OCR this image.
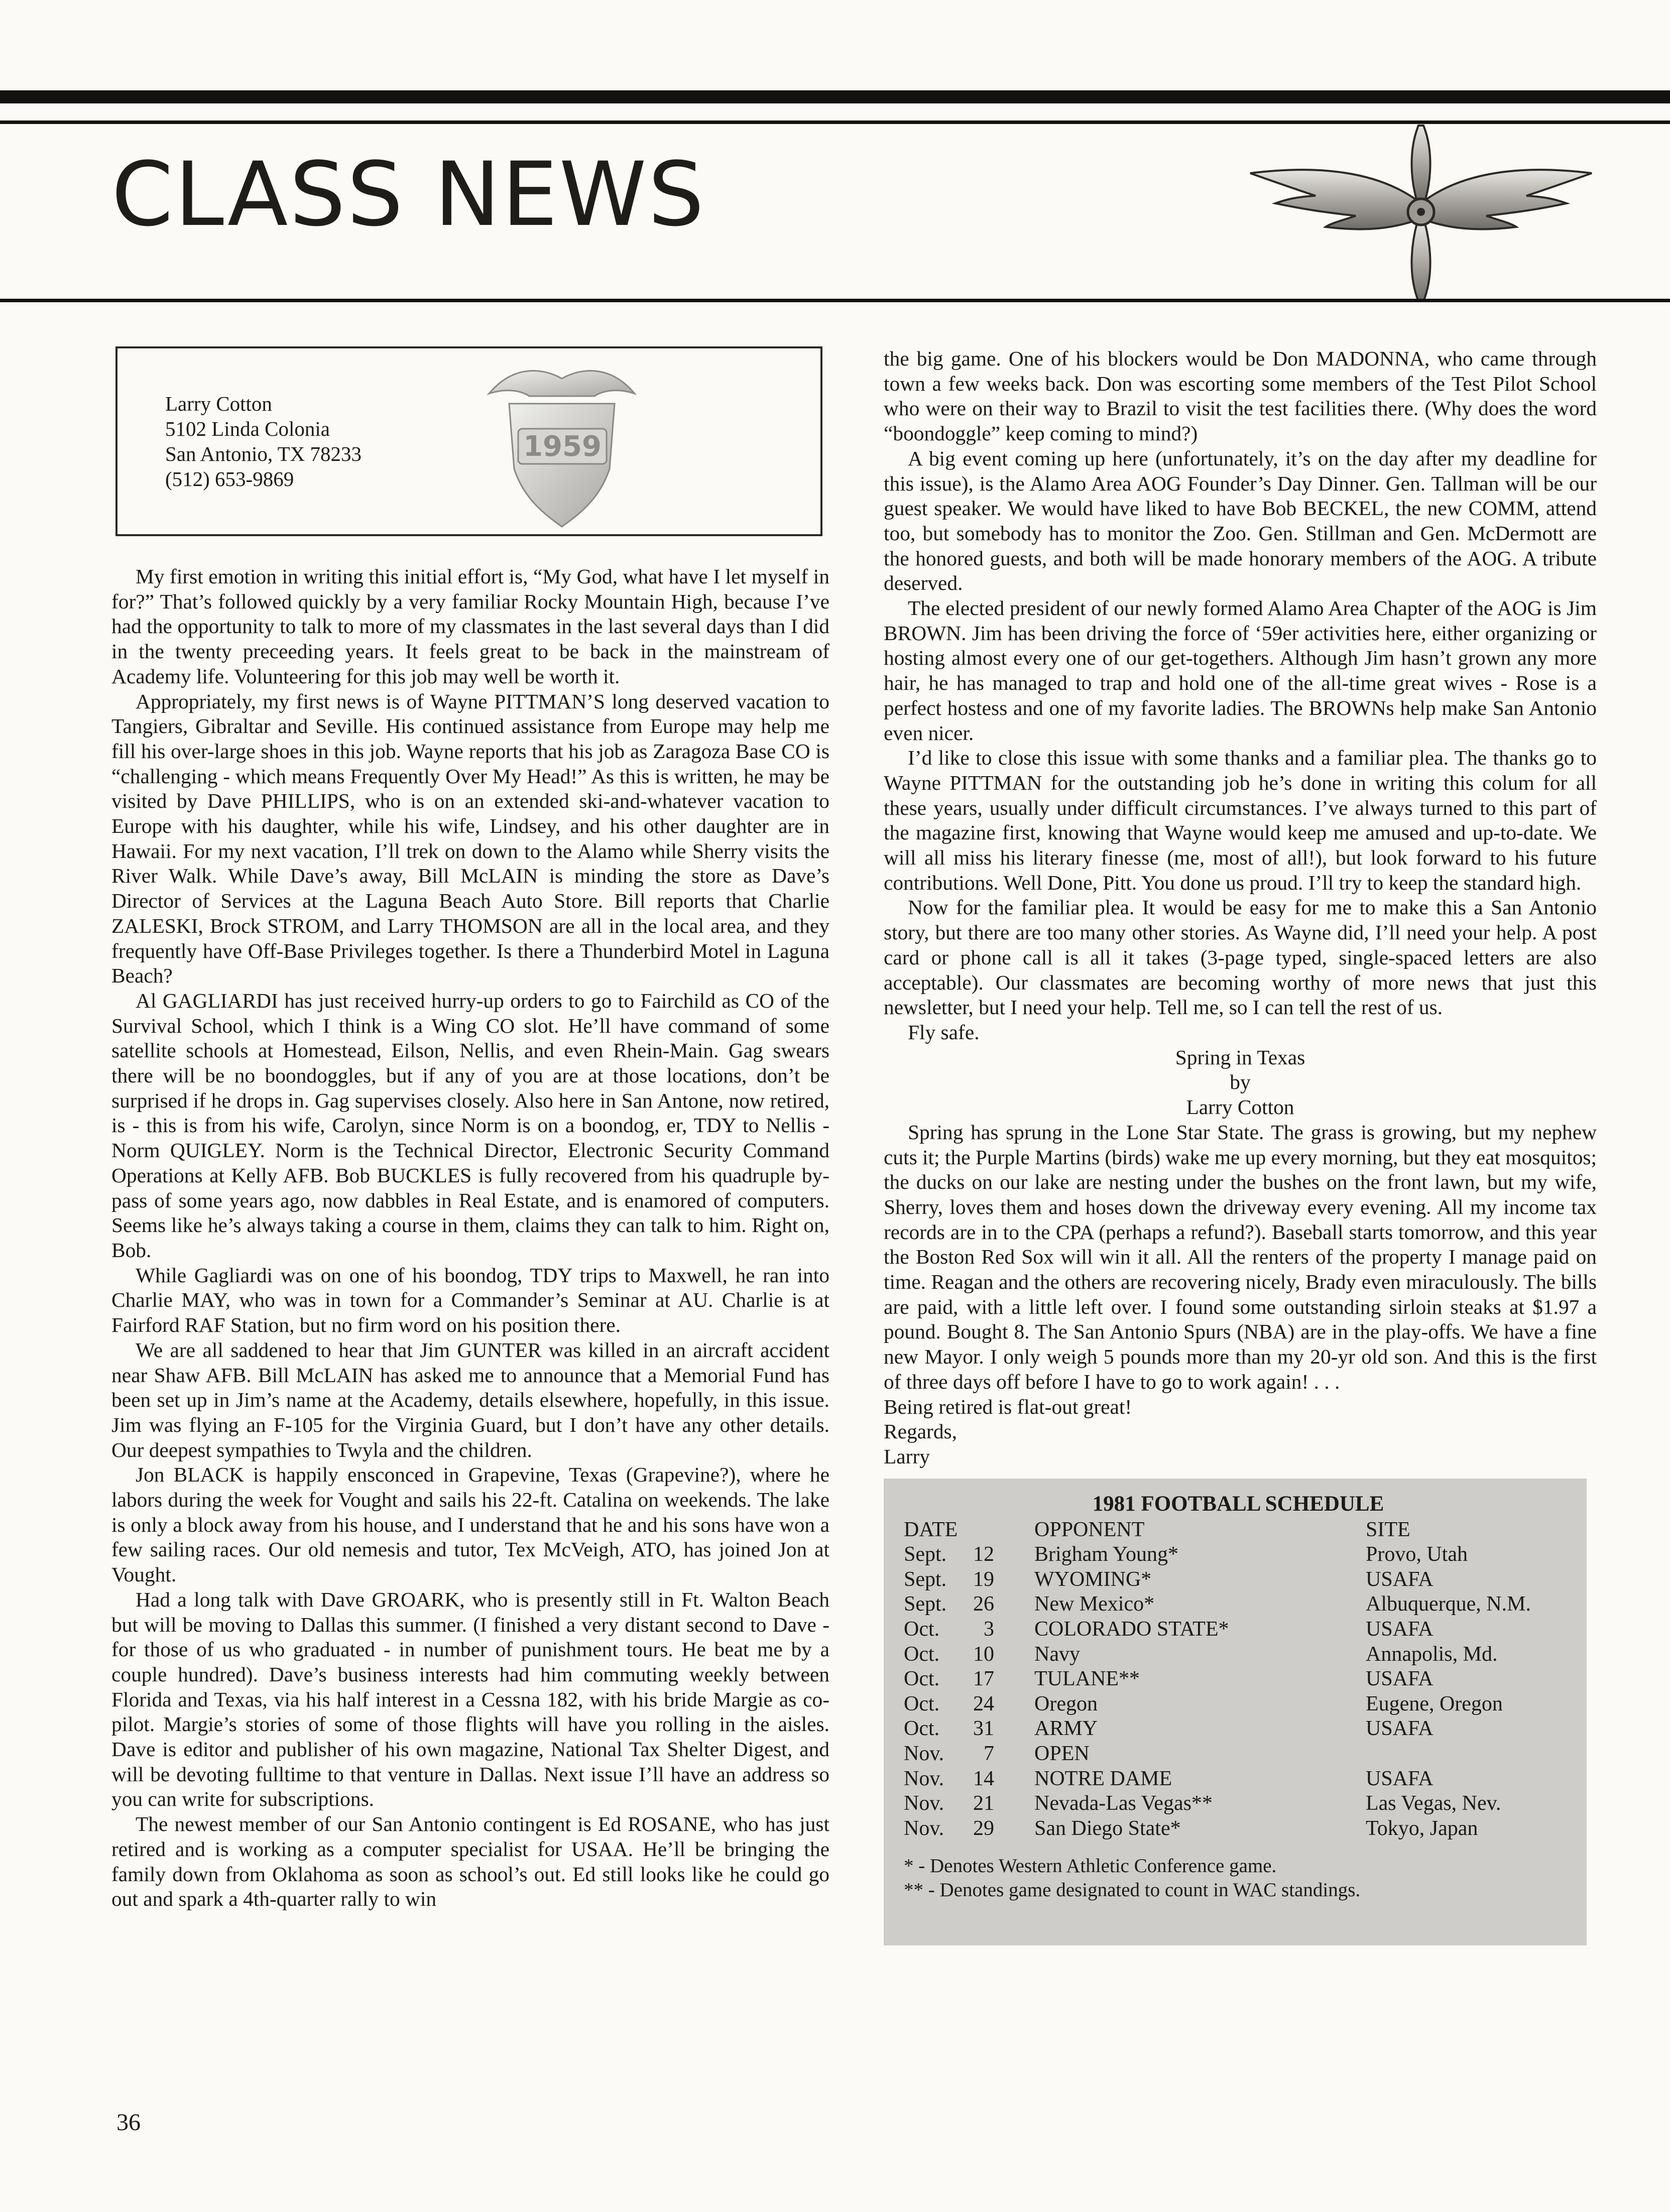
CLASS NEWS
Larry Cotton
5102 Linda Colonia
San Antonio, TX 78233
(512) 653-9869
1959

My first emotion in writing this initial effort is, “My God, what have I let myself in for?” That’s followed quickly by a very familiar Rocky Mountain High, because I’ve had the opportunity to talk to more of my classmates in the last several days than I did in the twenty preceeding years. It feels great to be back in the mainstream of Academy life. Volunteering for this job may well be worth it.

Appropriately, my first news is of Wayne PITTMAN’S long deserved vacation to Tangiers, Gibraltar and Seville. His continued assistance from Europe may help me fill his over-large shoes in this job. Wayne reports that his job as Zaragoza Base CO is “challenging - which means Frequently Over My Head!” As this is written, he may be visited by Dave PHILLIPS, who is on an extended ski-and-whatever vacation to Europe with his daughter, while his wife, Lindsey, and his other daughter are in Hawaii. For my next vacation, I’ll trek on down to the Alamo while Sherry visits the River Walk. While Dave’s away, Bill McLAIN is minding the store as Dave’s Director of Services at the Laguna Beach Auto Store. Bill reports that Charlie ZALESKI, Brock STROM, and Larry THOMSON are all in the local area, and they frequently have Off-Base Privileges together. Is there a Thunderbird Motel in Laguna Beach?

Al GAGLIARDI has just received hurry-up orders to go to Fairchild as CO of the Survival School, which I think is a Wing CO slot. He’ll have command of some satellite schools at Homestead, Eilson, Nellis, and even Rhein-Main. Gag swears there will be no boondoggles, but if any of you are at those locations, don’t be surprised if he drops in. Gag supervises closely. Also here in San Antone, now retired, is - this is from his wife, Carolyn, since Norm is on a boondog, er, TDY to Nellis - Norm QUIGLEY. Norm is the Technical Director, Electronic Security Command Operations at Kelly AFB. Bob BUCKLES is fully recovered from his quadruple by-pass of some years ago, now dabbles in Real Estate, and is enamored of computers. Seems like he’s always taking a course in them, claims they can talk to him. Right on, Bob.

While Gagliardi was on one of his boondog, TDY trips to Maxwell, he ran into Charlie MAY, who was in town for a Commander’s Seminar at AU. Charlie is at Fairford RAF Station, but no firm word on his position there.

We are all saddened to hear that Jim GUNTER was killed in an aircraft accident near Shaw AFB. Bill McLAIN has asked me to announce that a Memorial Fund has been set up in Jim’s name at the Academy, details elsewhere, hopefully, in this issue. Jim was flying an F-105 for the Virginia Guard, but I don’t have any other details. Our deepest sympathies to Twyla and the children.

Jon BLACK is happily ensconced in Grapevine, Texas (Grapevine?), where he labors during the week for Vought and sails his 22-ft. Catalina on weekends. The lake is only a block away from his house, and I understand that he and his sons have won a few sailing races. Our old nemesis and tutor, Tex McVeigh, ATO, has joined Jon at Vought.

Had a long talk with Dave GROARK, who is presently still in Ft. Walton Beach but will be moving to Dallas this summer. (I finished a very distant second to Dave - for those of us who graduated - in number of punishment tours. He beat me by a couple hundred). Dave’s business interests had him commuting weekly between Florida and Texas, via his half interest in a Cessna 182, with his bride Margie as co-pilot. Margie’s stories of some of those flights will have you rolling in the aisles. Dave is editor and publisher of his own magazine, National Tax Shelter Digest, and will be devoting fulltime to that venture in Dallas. Next issue I’ll have an address so you can write for subscriptions.

The newest member of our San Antonio contingent is Ed ROSANE, who has just retired and is working as a computer specialist for USAA. He’ll be bringing the family down from Oklahoma as soon as school’s out. Ed still looks like he could go out and spark a 4th-quarter rally to win

the big game. One of his blockers would be Don MADONNA, who came through town a few weeks back. Don was escorting some members of the Test Pilot School who were on their way to Brazil to visit the test facilities there. (Why does the word “boondoggle” keep coming to mind?)

A big event coming up here (unfortunately, it’s on the day after my deadline for this issue), is the Alamo Area AOG Founder’s Day Dinner. Gen. Tallman will be our guest speaker. We would have liked to have Bob BECKEL, the new COMM, attend too, but somebody has to monitor the Zoo. Gen. Stillman and Gen. McDermott are the honored guests, and both will be made honorary members of the AOG. A tribute deserved.

The elected president of our newly formed Alamo Area Chapter of the AOG is Jim BROWN. Jim has been driving the force of ‘59er activities here, either organizing or hosting almost every one of our get-togethers. Although Jim hasn’t grown any more hair, he has managed to trap and hold one of the all-time great wives - Rose is a perfect hostess and one of my favorite ladies. The BROWNs help make San Antonio even nicer.

I’d like to close this issue with some thanks and a familiar plea. The thanks go to Wayne PITTMAN for the outstanding job he’s done in writing this colum for all these years, usually under difficult circumstances. I’ve always turned to this part of the magazine first, knowing that Wayne would keep me amused and up-to-date. We will all miss his literary finesse (me, most of all!), but look forward to his future contributions. Well Done, Pitt. You done us proud. I’ll try to keep the standard high.

Now for the familiar plea. It would be easy for me to make this a San Antonio story, but there are too many other stories. As Wayne did, I’ll need your help. A post card or phone call is all it takes (3-page typed, single-spaced letters are also acceptable). Our classmates are becoming worthy of more news that just this newsletter, but I need your help. Tell me, so I can tell the rest of us.

Fly safe.

Spring in Texas

by

Larry Cotton

Spring has sprung in the Lone Star State. The grass is growing, but my nephew cuts it; the Purple Martins (birds) wake me up every morning, but they eat mosquitos; the ducks on our lake are nesting under the bushes on the front lawn, but my wife, Sherry, loves them and hoses down the driveway every evening. All my income tax records are in to the CPA (perhaps a refund?). Baseball starts tomorrow, and this year the Boston Red Sox will win it all. All the renters of the property I manage paid on time. Reagan and the others are recovering nicely, Brady even miraculously. The bills are paid, with a little left over. I found some outstanding sirloin steaks at $1.97 a pound. Bought 8. The San Antonio Spurs (NBA) are in the play-offs. We have a fine new Mayor. I only weigh 5 pounds more than my 20-yr old son. And this is the first of three days off before I have to go to work again! . . .

Being retired is flat-out great!

Regards,

Larry

1981 FOOTBALL SCHEDULE
DATE	OPPONENT	SITE
Sept. 12	Brigham Young*	Provo, Utah
Sept. 19	WYOMING*	USAFA
Sept. 26	New Mexico*	Albuquerque, N.M.
Oct. 3	COLORADO STATE*	USAFA
Oct. 10	Navy	Annapolis, Md.
Oct. 17	TULANE**	USAFA
Oct. 24	Oregon	Eugene, Oregon
Oct. 31	ARMY	USAFA
Nov. 7	OPEN	
Nov. 14	NOTRE DAME	USAFA
Nov. 21	Nevada-Las Vegas**	Las Vegas, Nev.
Nov. 29	San Diego State*	Tokyo, Japan
* - Denotes Western Athletic Conference game.
** - Denotes game designated to count in WAC standings.
36
